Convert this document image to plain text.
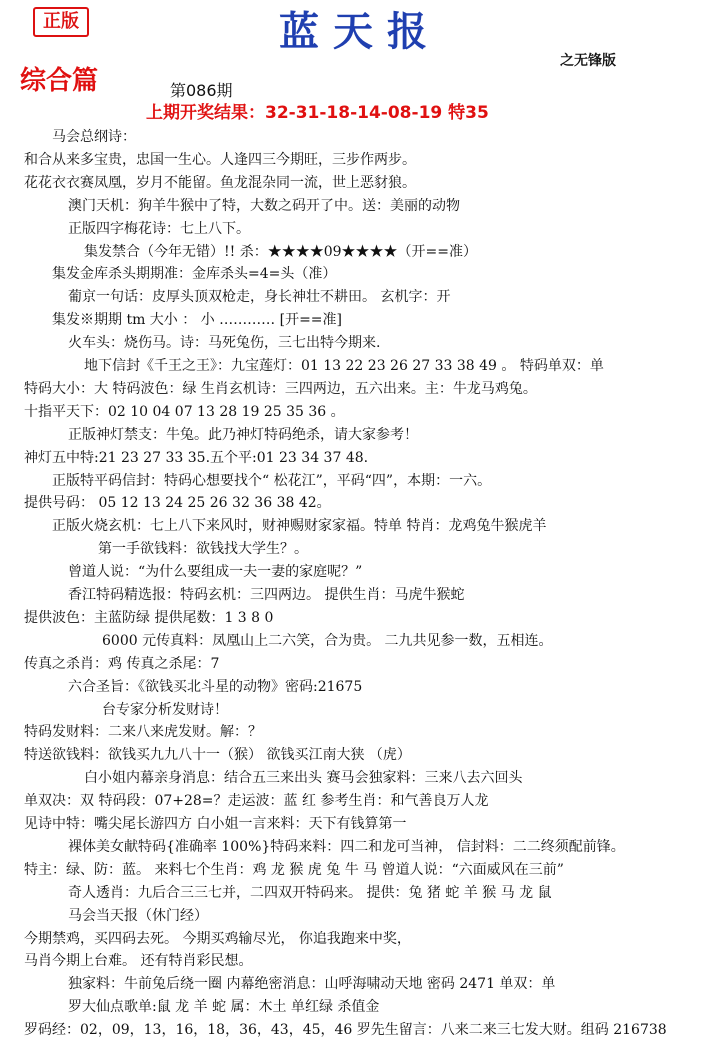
正版	蓝天报
之无锋版
综合篇	第086期
上期开奖结果：32-31-18-14-08-19 特35
马会总纲诗：
和合从来多宝贵，忠国一生心。人逢四三今期旺，三步作两步。
花花衣衣赛凤凰，岁月不能留。鱼龙混杂同一流，世上恶豺狼。
澳门天机：狗羊牛猴中了特，大数之码开了中。送：美丽的动物
正版四字梅花诗：七上八下。
集发禁合（今年无错）!! 杀：★★★★09★★★★（开==准）
集发金库杀头期期准：金库杀头=4=头（准）
葡京一句话：皮厚头顶双枪走，身长神壮不耕田。 玄机字：开
集发※期期 tm 大小 ： 小 ………… [开==准]
火车头：烧伤马。诗：马死兔伤，三七出特今期来.
地下信封《千王之王》：九宝莲灯：01 13 22 23 26 27 33 38 49 。 特码单双：单
特码大小：大 特码波色：绿 生肖玄机诗：三四两边，五六出来。主：牛龙马鸡兔。
十指平天下：02 10 04 07 13 28 19 25 35 36 。
正版神灯禁支：牛兔。此乃神灯特码绝杀，请大家参考！
神灯五中特:21 23 27 33 35.五个平:01 23 34 37 48.
正版特平码信封：特码心想要找个“ 松花江”，平码“四”，本期：一六。
提供号码： 05 12 13 24 25 26 32 36 38 42。
正版火烧玄机：七上八下来风时，财神赐财家家福。特单 特肖：龙鸡兔牛猴虎羊
第一手欲钱料：欲钱找大学生？。
曾道人说：“为什么要组成一夫一妻的家庭呢？”
香江特码精选报：特码玄机：三四两边。 提供生肖：马虎牛猴蛇
提供波色：主蓝防绿 提供尾数：1 3 8 0
6000 元传真料：凤凰山上二六笑，合为贵。 二九共见参一数，五相连。
传真之杀肖：鸡 传真之杀尾：7
六合圣旨：《欲钱买北斗星的动物》密码:21675
台专家分析发财诗！
特码发财料：二来八来虎发财。解：？
特送欲钱料：欲钱买九九八十一（猴） 欲钱买江南大狭 （虎）
白小姐内幕亲身消息：结合五三来出头 赛马会独家料：三来八去六回头
单双决：双 特码段：07+28=？走运波：蓝 红 参考生肖：和气善良万人龙
见诗中特：嘴尖尾长游四方 白小姐一言来料：天下有钱算第一
裸体美女献特码{准确率 100%}特码来料：四二和龙可当神， 信封料：二二终须配前锋。
特主：绿、防：蓝。 来料七个生肖：鸡 龙 猴 虎 兔 牛 马 曾道人说：“六面威风在三前”
奇人透肖：九后合三三七并，二四双开特码来。 提供：兔 猪 蛇 羊 猴 马 龙 鼠
马会当天报（休门经）
今期禁鸡，买四码去死。 今期买鸡输尽光， 你追我跑来中奖，
马肖今期上台难。 还有特肖彩民想。
独家料：牛前兔后绕一圈 内幕绝密消息：山呼海啸动天地 密码 2471 单双：单
罗大仙点歌单:鼠 龙 羊 蛇 属：木土 单红绿 杀值金
罗码经：02，09，13，16，18，36，43，45，46 罗先生留言：八来二来三七发大财。组码 216738
